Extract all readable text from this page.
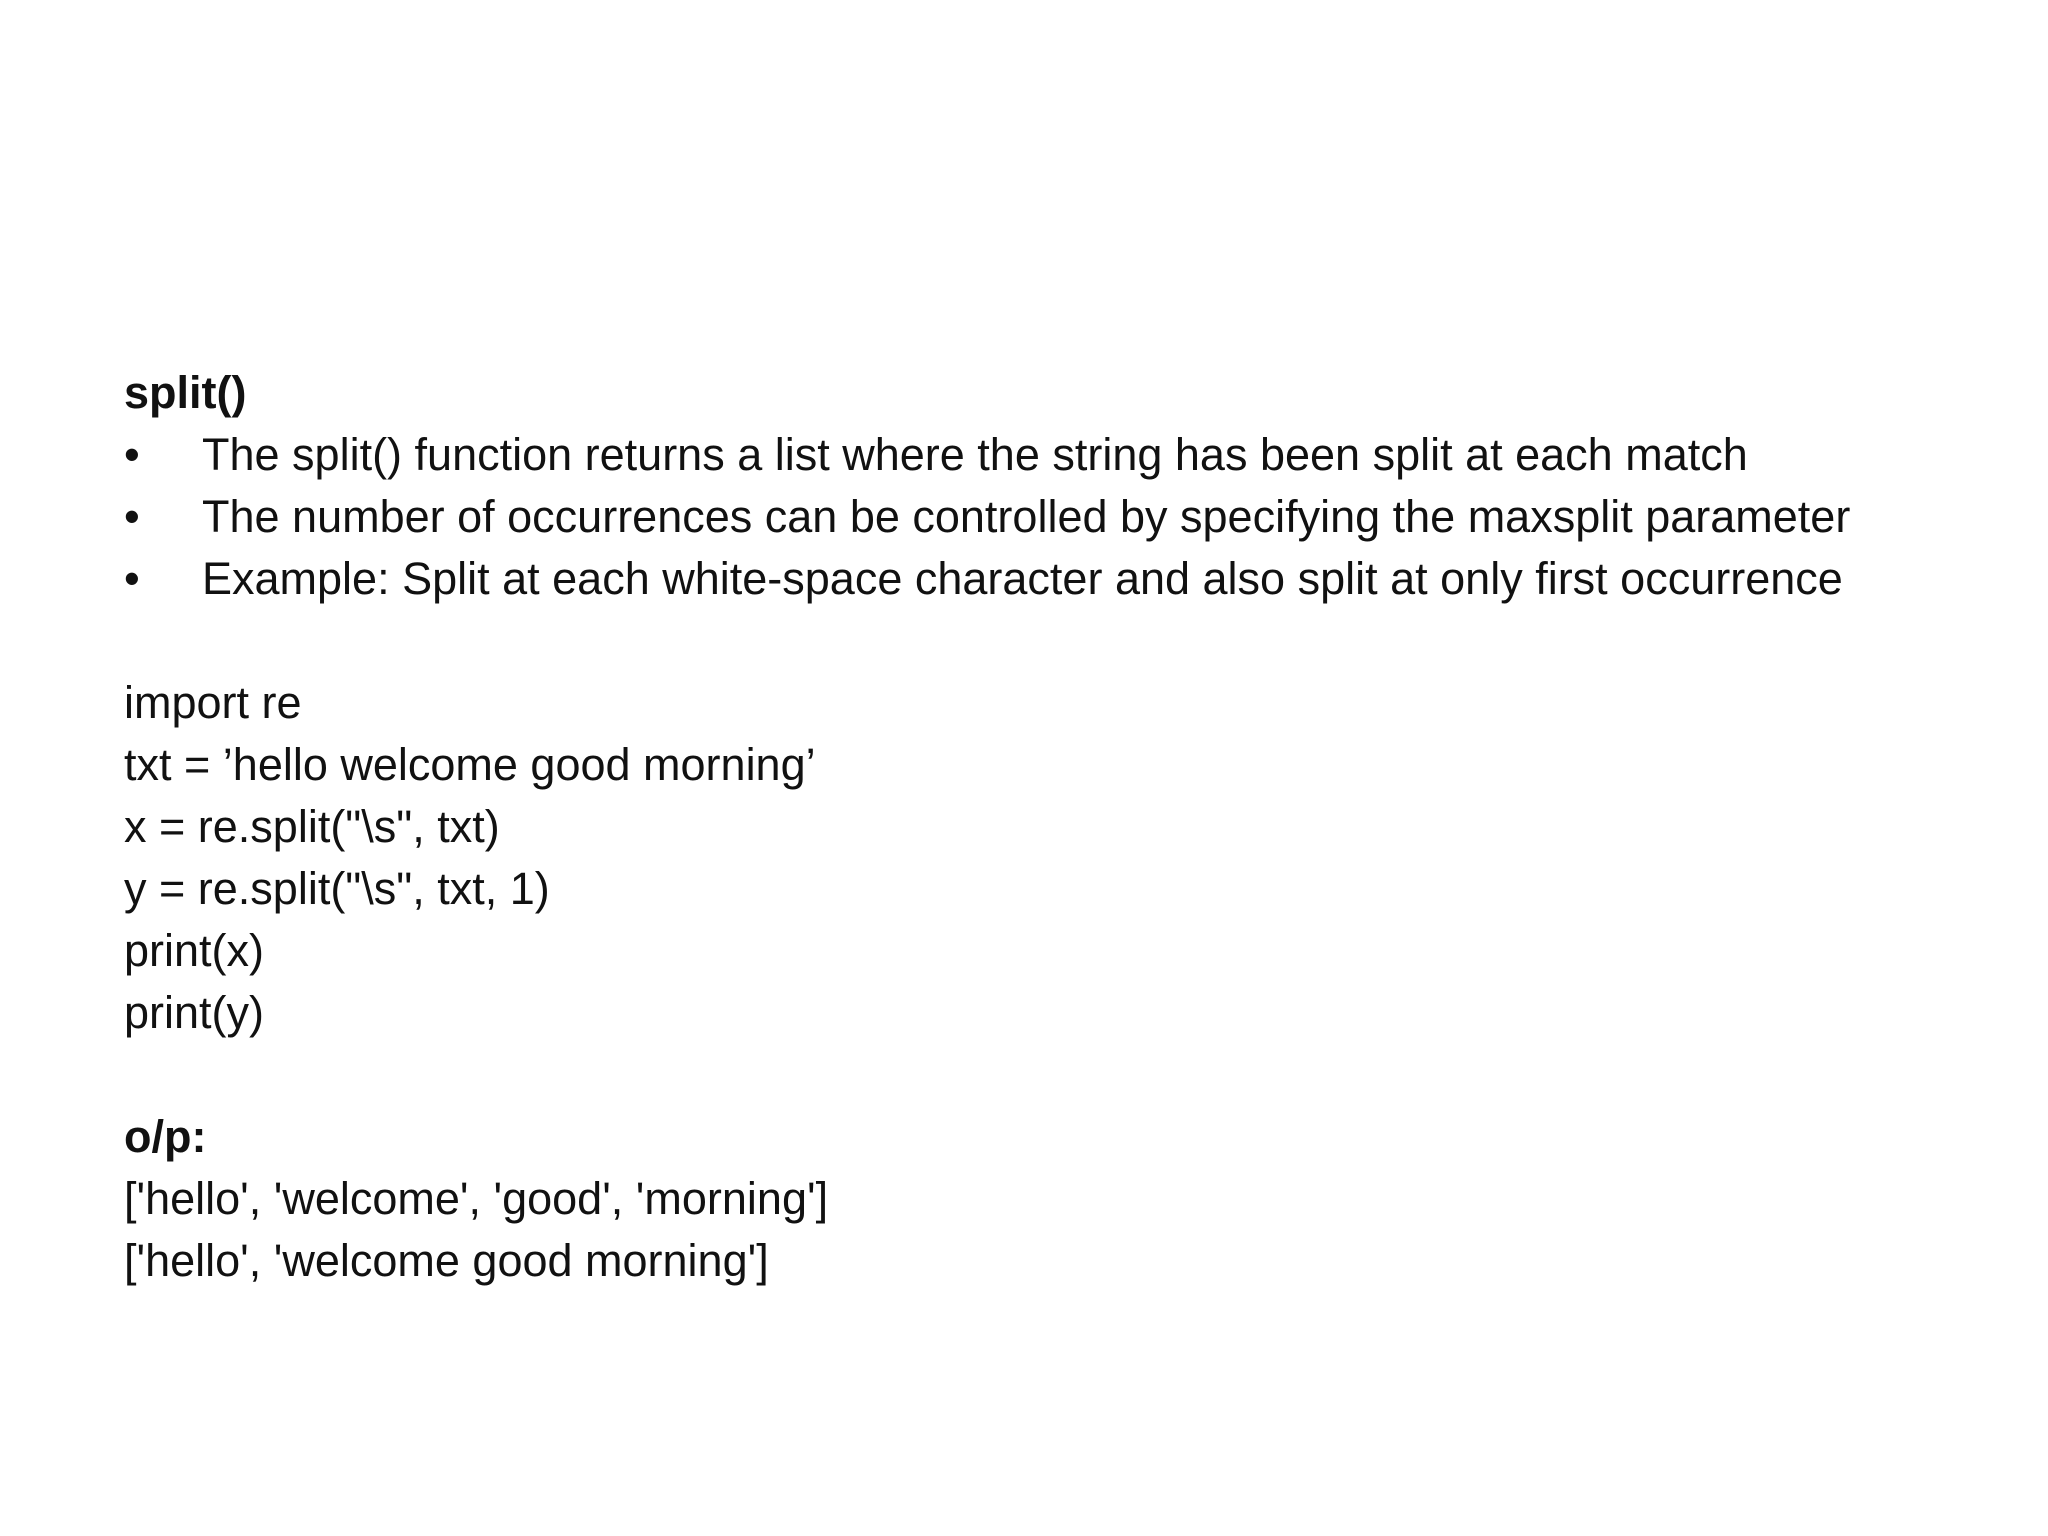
split()
•	The split() function returns a list where the string has been split at each match
•	The number of occurrences can be controlled by specifying the maxsplit parameter
•	Example: Split at each white-space character and also split at only first occurrence
import re
txt = ’hello welcome good morning’
x = re.split("\s", txt)
y = re.split("\s", txt, 1)
print(x)
print(y)
o/p:
['hello', 'welcome', 'good', 'morning']
['hello', 'welcome good morning']
